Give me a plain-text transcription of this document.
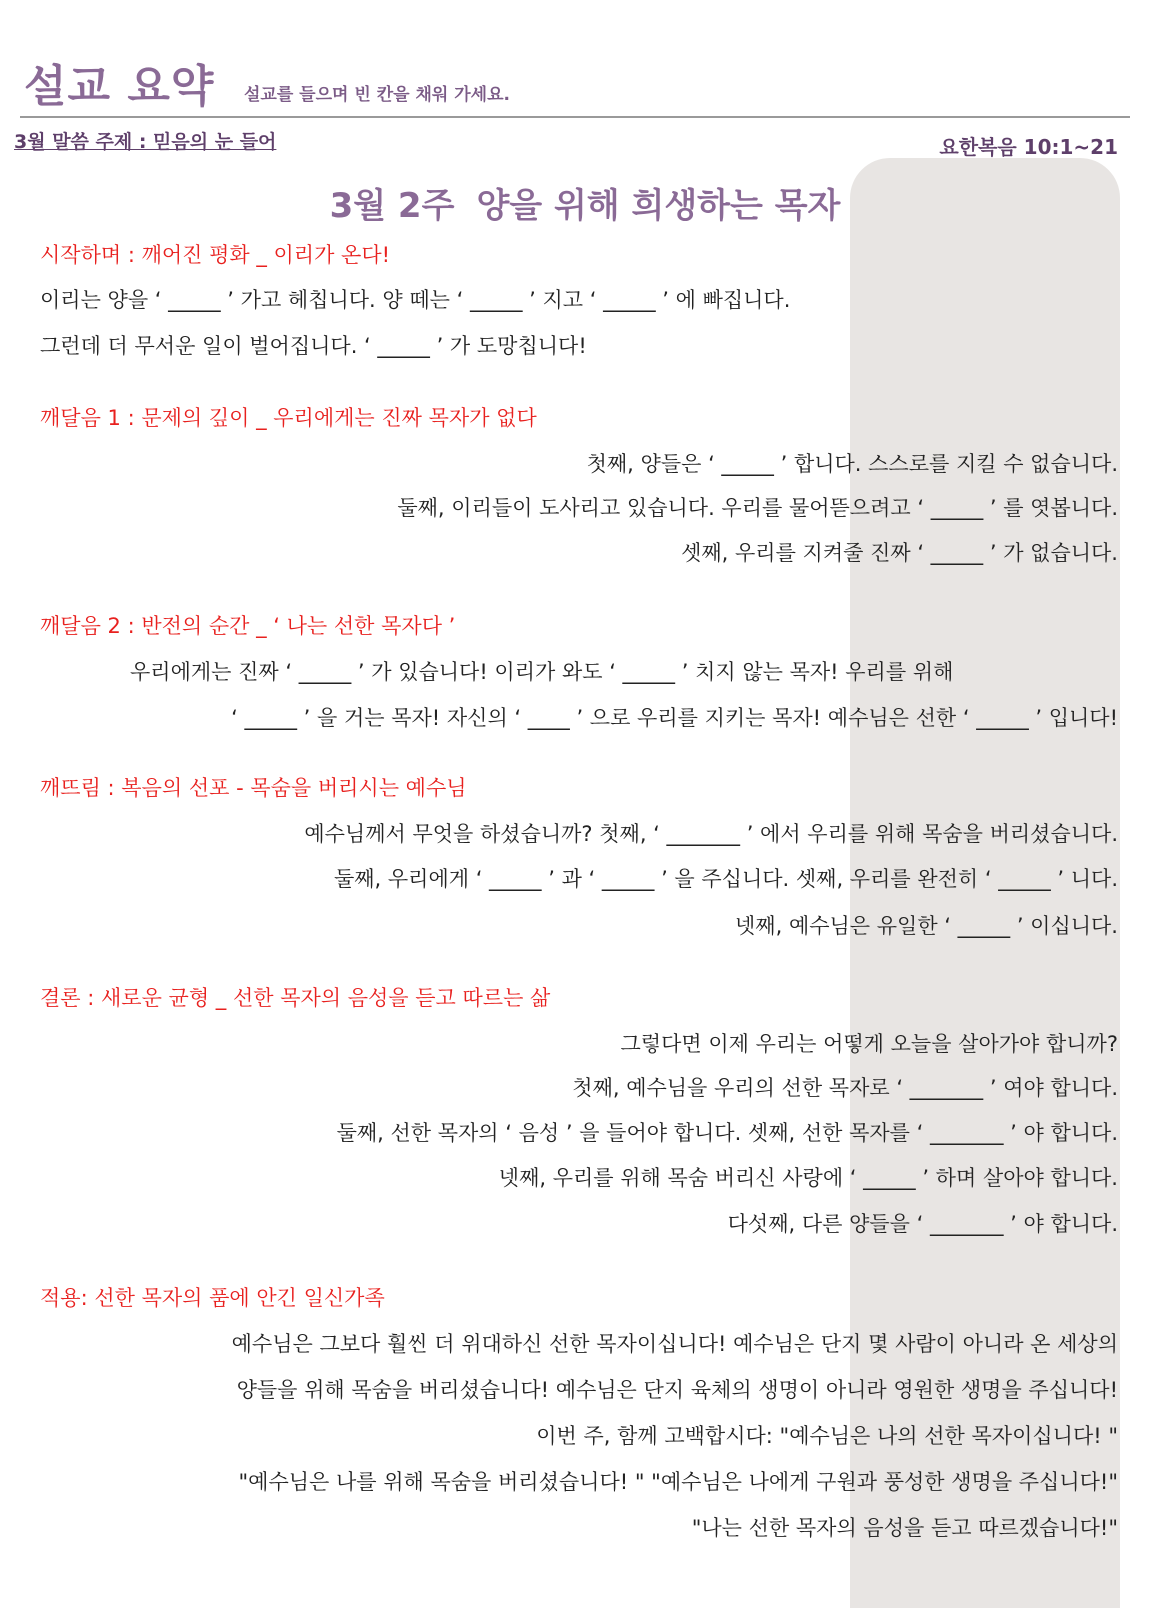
설교 요약 설교를 들으며 빈 칸을 채워 가세요.
3월 말씀 주제 : 믿음의 눈 들어	요한복음 10:1~21
3월 2주 양을 위해 희생하는 목자
시작하며 : 깨어진 평화 _ 이리가 온다!
이리는 양을 ‘ _____ ’ 가고 헤칩니다. 양 떼는 ‘ _____ ’ 지고 ‘ _____ ’ 에 빠집니다.
그런데 더 무서운 일이 벌어집니다. ‘ _____ ’ 가 도망칩니다!
깨달음 1 : 문제의 깊이 _ 우리에게는 진짜 목자가 없다
첫째, 양들은 ‘ _____ ’ 합니다. 스스로를 지킬 수 없습니다.
둘째, 이리들이 도사리고 있습니다. 우리를 물어뜯으려고 ‘ _____ ’ 를 엿봅니다.
셋째, 우리를 지켜줄 진짜 ‘ _____ ’ 가 없습니다.
깨달음 2 : 반전의 순간 _ ‘ 나는 선한 목자다 ’
우리에게는 진짜 ‘ _____ ’ 가 있습니다! 이리가 와도 ‘ _____ ’ 치지 않는 목자! 우리를 위해
‘ _____ ’ 을 거는 목자! 자신의 ‘ ____ ’ 으로 우리를 지키는 목자! 예수님은 선한 ‘ _____ ’ 입니다!
깨뜨림 : 복음의 선포 - 목숨을 버리시는 예수님
예수님께서 무엇을 하셨습니까? 첫째, ‘ _______ ’ 에서 우리를 위해 목숨을 버리셨습니다.
둘째, 우리에게 ‘ _____ ’ 과 ‘ _____ ’ 을 주십니다. 셋째, 우리를 완전히 ‘ _____ ’ 니다.
넷째, 예수님은 유일한 ‘ _____ ’ 이십니다.
결론 : 새로운 균형 _ 선한 목자의 음성을 듣고 따르는 삶
그렇다면 이제 우리는 어떻게 오늘을 살아가야 합니까?
첫째, 예수님을 우리의 선한 목자로 ‘ _______ ’ 여야 합니다.
둘째, 선한 목자의 ‘ 음성 ’ 을 들어야 합니다. 셋째, 선한 목자를 ‘ _______ ’ 야 합니다.
넷째, 우리를 위해 목숨 버리신 사랑에 ‘ _____ ’ 하며 살아야 합니다.
다섯째, 다른 양들을 ‘ _______ ’ 야 합니다.
적용: 선한 목자의 품에 안긴 일신가족
예수님은 그보다 훨씬 더 위대하신 선한 목자이십니다! 예수님은 단지 몇 사람이 아니라 온 세상의
양들을 위해 목숨을 버리셨습니다! 예수님은 단지 육체의 생명이 아니라 영원한 생명을 주십니다!
이번 주, 함께 고백합시다: "예수님은 나의 선한 목자이십니다! "
"예수님은 나를 위해 목숨을 버리셨습니다! " "예수님은 나에게 구원과 풍성한 생명을 주십니다!"
"나는 선한 목자의 음성을 듣고 따르겠습니다!"
